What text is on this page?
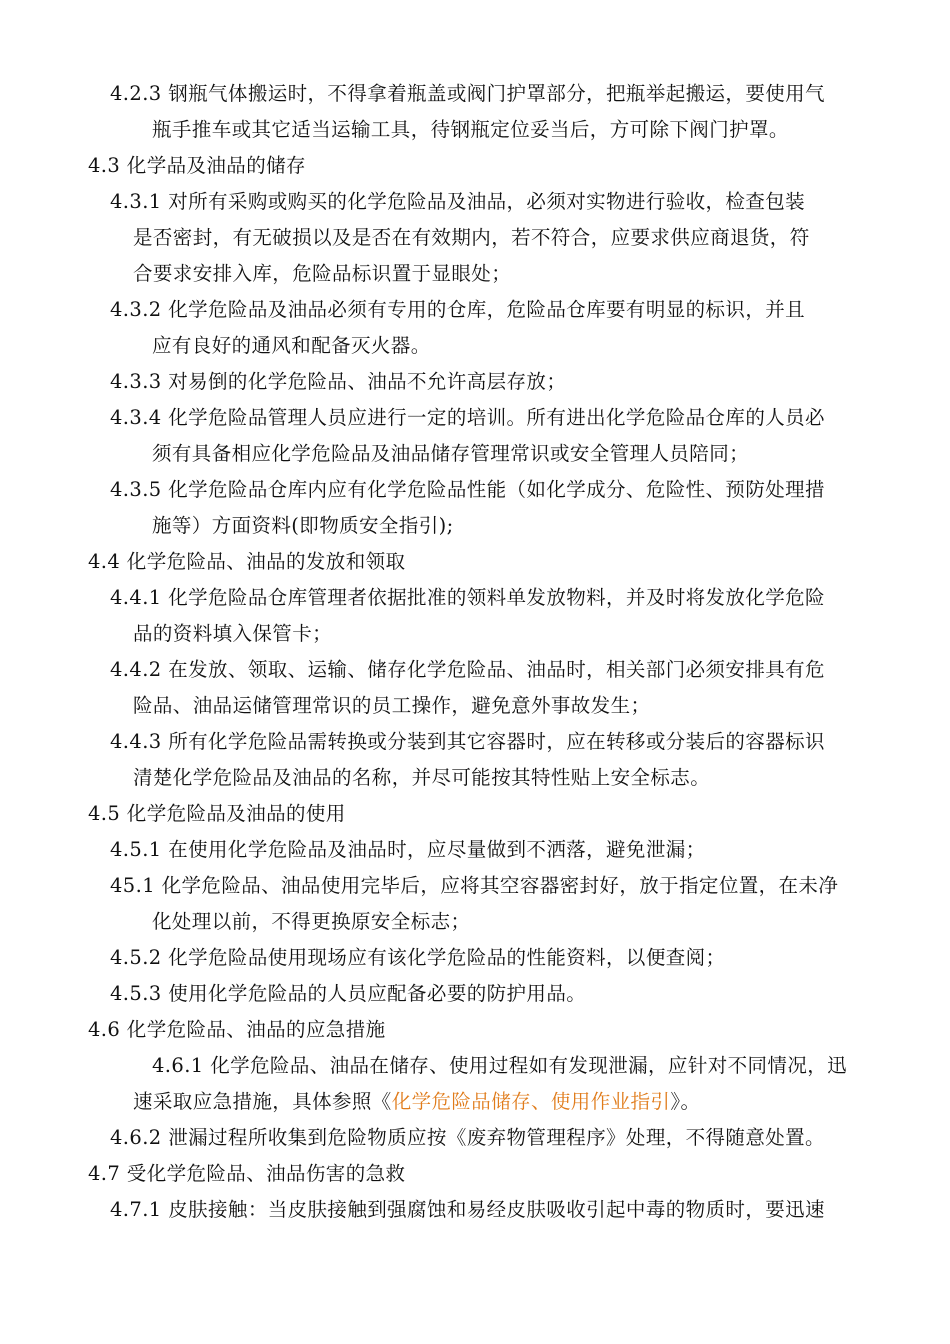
4.2.3 钢瓶气体搬运时，不得拿着瓶盖或阀门护罩部分，把瓶举起搬运，要使用气
瓶手推车或其它适当运输工具，待钢瓶定位妥当后，方可除下阀门护罩。
4.3 化学品及油品的储存
4.3.1 对所有采购或购买的化学危险品及油品，必须对实物进行验收，检查包装
是否密封，有无破损以及是否在有效期内，若不符合，应要求供应商退货，符
合要求安排入库，危险品标识置于显眼处；
4.3.2 化学危险品及油品必须有专用的仓库，危险品仓库要有明显的标识，并且
应有良好的通风和配备灭火器。
4.3.3 对易倒的化学危险品、油品不允许高层存放；
4.3.4 化学危险品管理人员应进行一定的培训。所有进出化学危险品仓库的人员必
须有具备相应化学危险品及油品储存管理常识或安全管理人员陪同；
4.3.5 化学危险品仓库内应有化学危险品性能（如化学成分、危险性、预防处理措
施等）方面资料(即物质安全指引);
4.4 化学危险品、油品的发放和领取
4.4.1 化学危险品仓库管理者依据批准的领料单发放物料，并及时将发放化学危险
品的资料填入保管卡；
4.4.2 在发放、领取、运输、储存化学危险品、油品时，相关部门必须安排具有危
险品、油品运储管理常识的员工操作，避免意外事故发生；
4.4.3 所有化学危险品需转换或分装到其它容器时，应在转移或分装后的容器标识
清楚化学危险品及油品的名称，并尽可能按其特性贴上安全标志。
4.5 化学危险品及油品的使用
4.5.1 在使用化学危险品及油品时，应尽量做到不洒落，避免泄漏；
45.1 化学危险品、油品使用完毕后，应将其空容器密封好，放于指定位置，在未净
化处理以前，不得更换原安全标志；
4.5.2 化学危险品使用现场应有该化学危险品的性能资料，以便查阅；
4.5.3 使用化学危险品的人员应配备必要的防护用品。
4.6 化学危险品、油品的应急措施
4.6.1 化学危险品、油品在储存、使用过程如有发现泄漏，应针对不同情况，迅
速采取应急措施，具体参照《化学危险品储存、使用作业指引》。
4.6.2 泄漏过程所收集到危险物质应按《废弃物管理程序》处理，不得随意处置。
4.7 受化学危险品、油品伤害的急救
4.7.1 皮肤接触：当皮肤接触到强腐蚀和易经皮肤吸收引起中毒的物质时，要迅速
